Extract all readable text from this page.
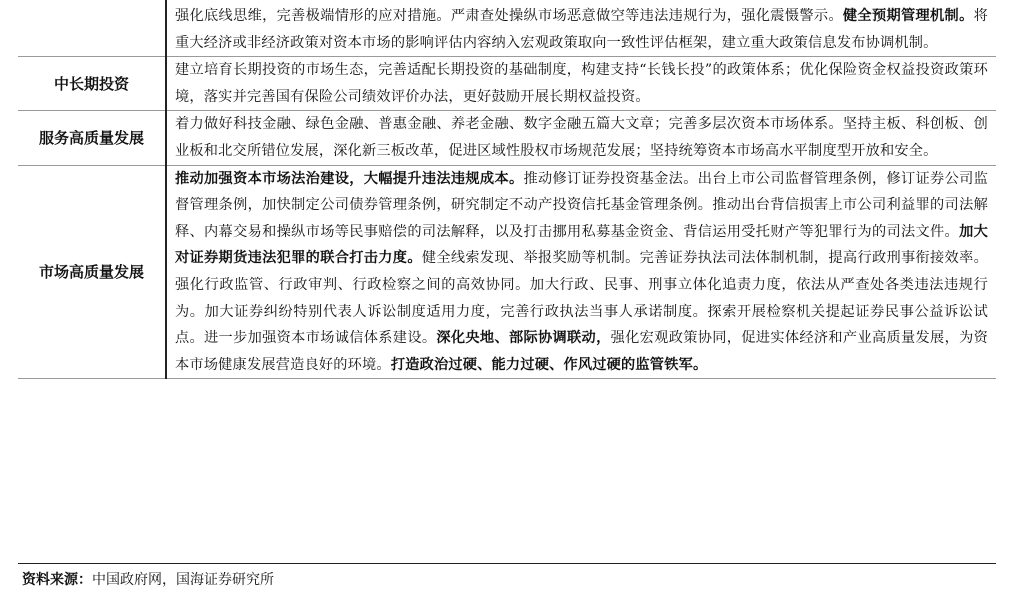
	强化底线思维，完善极端情形的应对措施。严肃查处操纵市场恶意做空等违法违规行为，强化震慑警示。健全预期管理机制。将重大经济或非经济政策对资本市场的影响评估内容纳入宏观政策取向一致性评估框架，建立重大政策信息发布协调机制。
中长期投资	建立培育长期投资的市场生态，完善适配长期投资的基础制度，构建支持“长钱长投”的政策体系；优化保险资金权益投资政策环境，落实并完善国有保险公司绩效评价办法，更好鼓励开展长期权益投资。
服务高质量发展	着力做好科技金融、绿色金融、普惠金融、养老金融、数字金融五篇大文章；完善多层次资本市场体系。坚持主板、科创板、创业板和北交所错位发展，深化新三板改革，促进区域性股权市场规范发展；坚持统筹资本市场高水平制度型开放和安全。
市场高质量发展	推动加强资本市场法治建设，大幅提升违法违规成本。推动修订证券投资基金法。出台上市公司监督管理条例，修订证券公司监督管理条例，加快制定公司债券管理条例，研究制定不动产投资信托基金管理条例。推动出台背信损害上市公司利益罪的司法解释、内幕交易和操纵市场等民事赔偿的司法解释，以及打击挪用私募基金资金、背信运用受托财产等犯罪行为的司法文件。加大对证券期货违法犯罪的联合打击力度。健全线索发现、举报奖励等机制。完善证券执法司法体制机制，提高行政刑事衔接效率。强化行政监管、行政审判、行政检察之间的高效协同。加大行政、民事、刑事立体化追责力度，依法从严查处各类违法违规行为。加大证券纠纷特别代表人诉讼制度适用力度，完善行政执法当事人承诺制度。探索开展检察机关提起证券民事公益诉讼试点。进一步加强资本市场诚信体系建设。深化央地、部际协调联动，强化宏观政策协同，促进实体经济和产业高质量发展，为资本市场健康发展营造良好的环境。打造政治过硬、能力过硬、作风过硬的监管铁军。
资料来源：中国政府网，国海证券研究所
